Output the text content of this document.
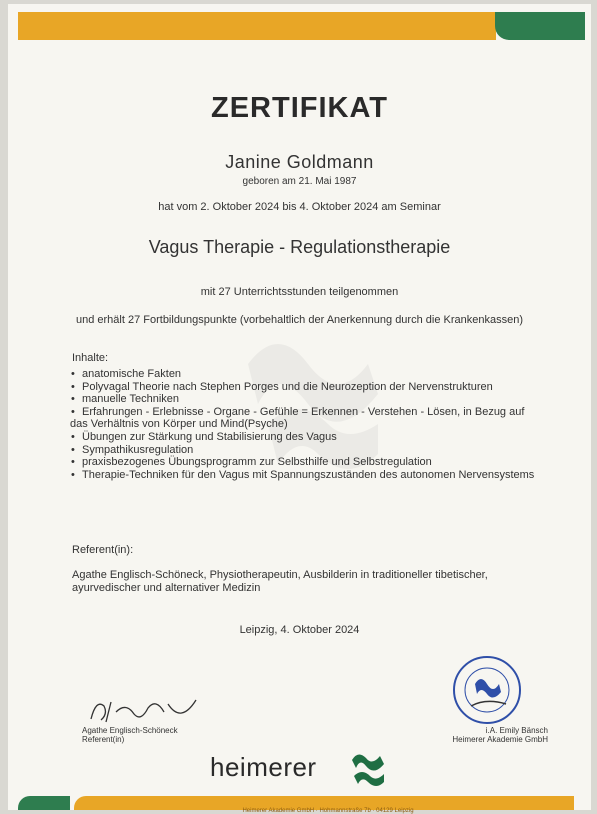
ZERTIFIKAT
Janine Goldmann
geboren am 21. Mai 1987
hat vom 2. Oktober 2024 bis 4. Oktober 2024 am Seminar
Vagus Therapie - Regulationstherapie
mit 27 Unterrichtsstunden teilgenommen
und erhält 27 Fortbildungspunkte (vorbehaltlich der Anerkennung durch die Krankenkassen)
Inhalte:
• anatomische Fakten
• Polyvagal Theorie nach Stephen Porges und die Neurozeption der Nervenstrukturen
• manuelle Techniken
• Erfahrungen - Erlebnisse - Organe - Gefühle = Erkennen - Verstehen - Lösen, in Bezug auf das Verhältnis von Körper und Mind(Psyche)
• Übungen zur Stärkung und Stabilisierung des Vagus
• Sympathikusregulation
• praxisbezogenes Übungsprogramm zur Selbsthilfe und Selbstregulation
• Therapie-Techniken für den Vagus mit Spannungszuständen des autonomen Nervensystems
Referent(in):
Agathe Englisch-Schöneck, Physiotherapeutin, Ausbilderin in traditioneller tibetischer, ayurvedischer und alternativer Medizin
Leipzig, 4. Oktober 2024
Agathe Englisch-Schöneck
Referent(in)
i.A. Emily Bänsch
Heimerer Akademie GmbH
heimerer
Heimerer Akademie GmbH · Hohmannstraße 7b · 04129 Leipzig
